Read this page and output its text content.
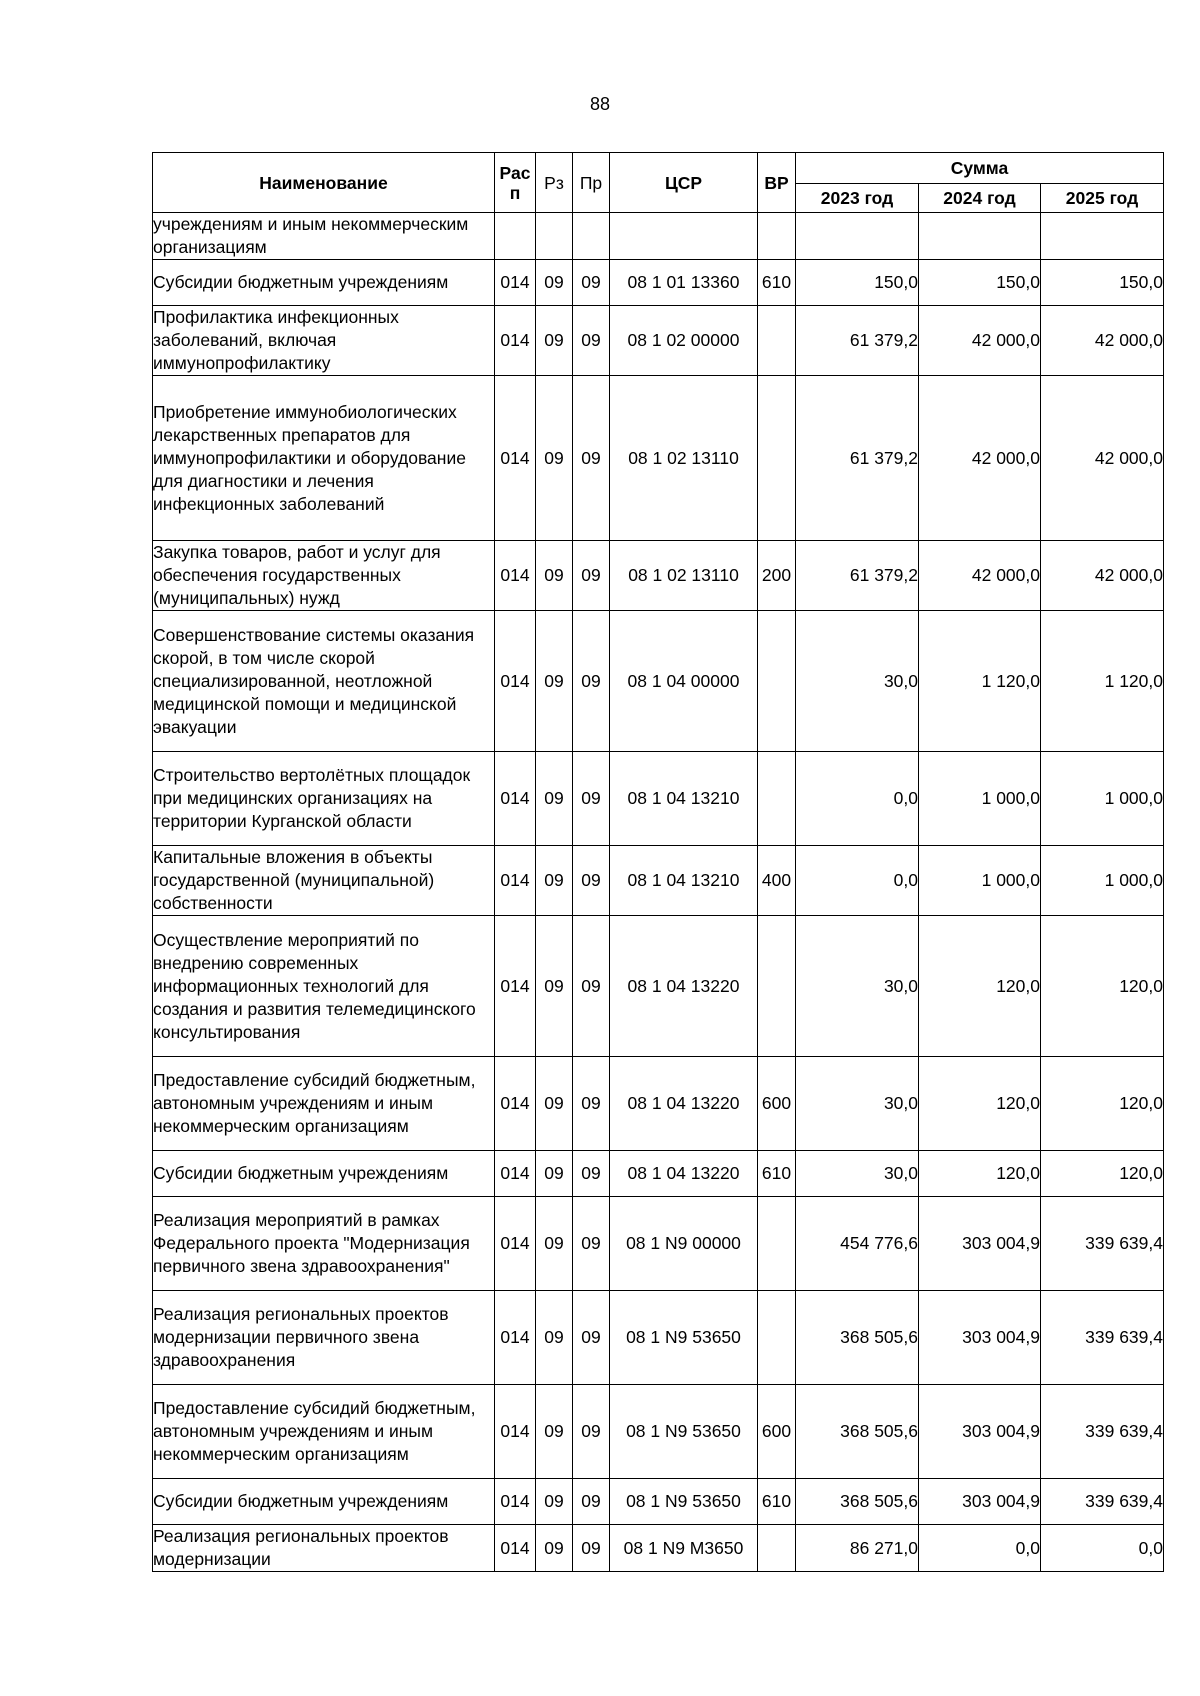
88
Наименование	Рас п	Рз	Пр	ЦСР	ВР	Сумма		
						2023 год	2024 год	2025 год
учреждениям и иным некоммерческим организациям								
Субсидии бюджетным учреждениям	014	09	09	08 1 01 13360	610	150,0	150,0	150,0
Профилактика инфекционных заболеваний, включая иммунопрофилактику	014	09	09	08 1 02 00000		61 379,2	42 000,0	42 000,0
Приобретение иммунобиологических лекарственных препаратов для иммунопрофилактики и оборудование для диагностики и лечения инфекционных заболеваний	014	09	09	08 1 02 13110		61 379,2	42 000,0	42 000,0
Закупка товаров, работ и услуг для обеспечения государственных (муниципальных) нужд	014	09	09	08 1 02 13110	200	61 379,2	42 000,0	42 000,0
Совершенствование системы оказания скорой, в том числе скорой специализированной, неотложной медицинской помощи и медицинской эвакуации	014	09	09	08 1 04 00000		30,0	1 120,0	1 120,0
Строительство вертолётных площадок при медицинских организациях на территории Курганской области	014	09	09	08 1 04 13210		0,0	1 000,0	1 000,0
Капитальные вложения в объекты государственной (муниципальной) собственности	014	09	09	08 1 04 13210	400	0,0	1 000,0	1 000,0
Осуществление мероприятий по внедрению современных информационных технологий для создания и развития телемедицинского консультирования	014	09	09	08 1 04 13220		30,0	120,0	120,0
Предоставление субсидий бюджетным, автономным учреждениям и иным некоммерческим организациям	014	09	09	08 1 04 13220	600	30,0	120,0	120,0
Субсидии бюджетным учреждениям	014	09	09	08 1 04 13220	610	30,0	120,0	120,0
Реализация мероприятий в рамках Федерального проекта "Модернизация первичного звена здравоохранения"	014	09	09	08 1 N9 00000		454 776,6	303 004,9	339 639,4
Реализация региональных проектов модернизации первичного звена здравоохранения	014	09	09	08 1 N9 53650		368 505,6	303 004,9	339 639,4
Предоставление субсидий бюджетным, автономным учреждениям и иным некоммерческим организациям	014	09	09	08 1 N9 53650	600	368 505,6	303 004,9	339 639,4
Субсидии бюджетным учреждениям	014	09	09	08 1 N9 53650	610	368 505,6	303 004,9	339 639,4
Реализация региональных проектов модернизации	014	09	09	08 1 N9 M3650		86 271,0	0,0	0,0
